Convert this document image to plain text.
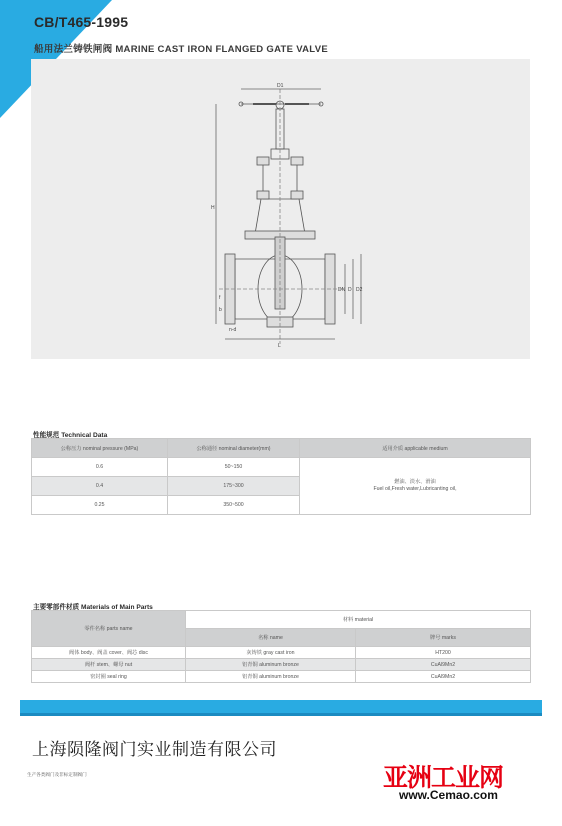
CB/T465-1995
船用法兰铸铁闸阀 MARINE CAST IRON FLANGED GATE VALVE
D1
H
DN D D2
L
f
b
n-d
性能规范 Technical Data
公称压力 nominal pressure (MPa)	公称通径 nominal diameter(mm)	适用介质 applicable medium
0.6	50~150	燃油、淡水、滑油
Fuel oil,Fresh water,Lubricanting oil,

0.4	175~300	
0.25	350~500	
主要零部件材质 Materials of Main Parts
零件名称 parts name	材料 material	
	名称 name	牌号 marks
阀体 body、阀盖 cover、阀芯 disc	灰铸铁 gray cast iron	HT200
阀杆 stem、螺母 nut	铝青铜 aluminum bronze	CuAl9Mn2
密封圈 seal ring	铝青铜 aluminum bronze	CuAl9Mn2
上海陨隆阀门实业制造有限公司
生产各类阀门及非标定制阀门	亚洲工业网
www.Cemao.com
